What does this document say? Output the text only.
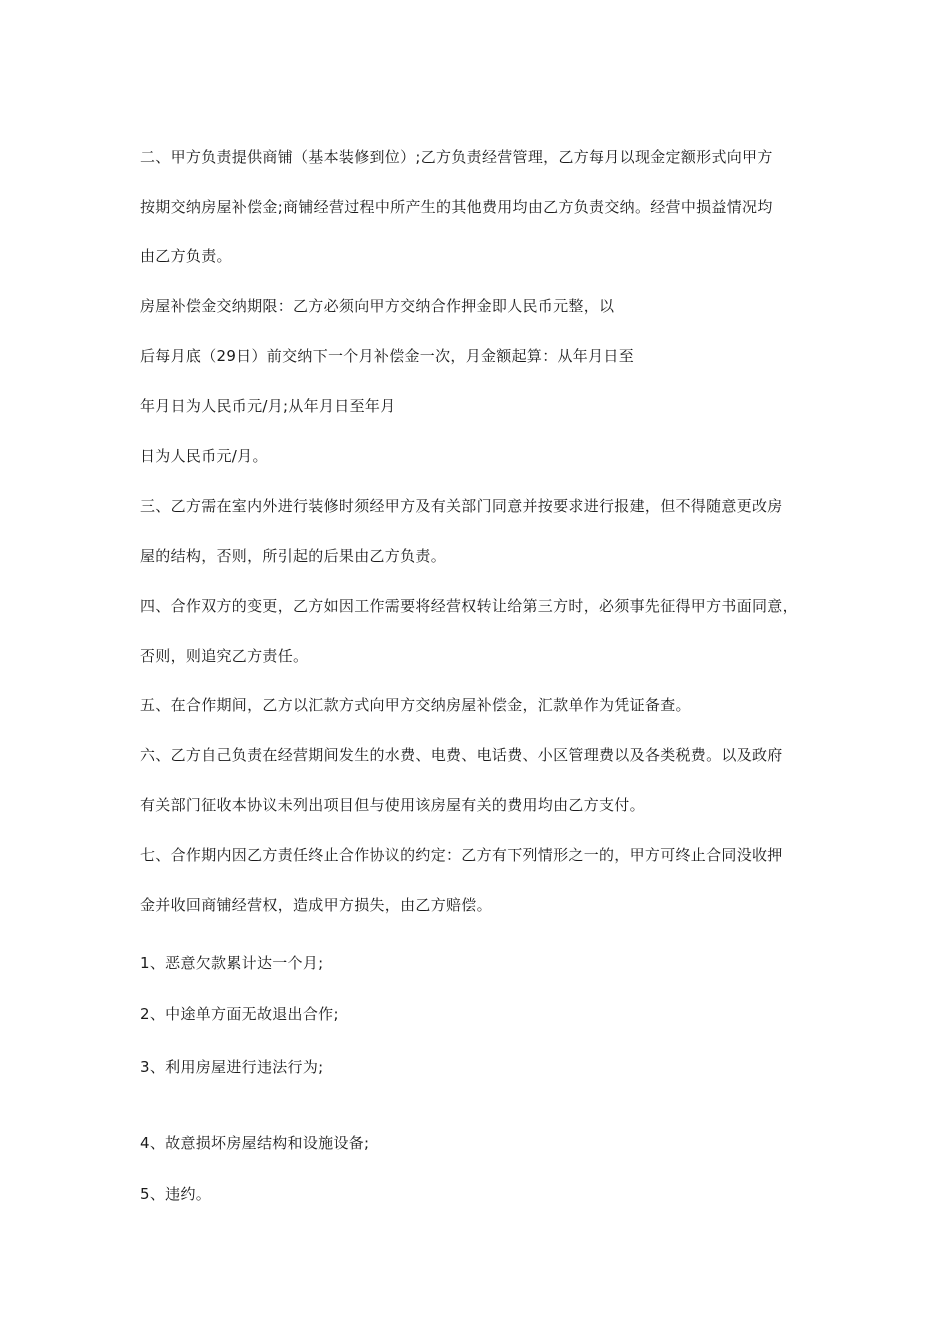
二、甲方负责提供商铺（基本装修到位）;乙方负责经营管理，乙方每月以现金定额形式向甲方
按期交纳房屋补偿金;商铺经营过程中所产生的其他费用均由乙方负责交纳。经营中损益情况均
由乙方负责。
房屋补偿金交纳期限：乙方必须向甲方交纳合作押金即人民币元整，以
后每月底（29日）前交纳下一个月补偿金一次，月金额起算：从年月日至
年月日为人民币元/月;从年月日至年月
日为人民币元/月。
三、乙方需在室内外进行装修时须经甲方及有关部门同意并按要求进行报建，但不得随意更改房
屋的结构，否则，所引起的后果由乙方负责。
四、合作双方的变更，乙方如因工作需要将经营权转让给第三方时，必须事先征得甲方书面同意，
否则，则追究乙方责任。
五、在合作期间，乙方以汇款方式向甲方交纳房屋补偿金，汇款单作为凭证备查。
六、乙方自己负责在经营期间发生的水费、电费、电话费、小区管理费以及各类税费。以及政府
有关部门征收本协议未列出项目但与使用该房屋有关的费用均由乙方支付。
七、合作期内因乙方责任终止合作协议的约定：乙方有下列情形之一的，甲方可终止合同没收押
金并收回商铺经营权，造成甲方损失，由乙方赔偿。
1、恶意欠款累计达一个月;
2、中途单方面无故退出合作;
3、利用房屋进行违法行为;
4、故意损坏房屋结构和设施设备;
5、违约。
